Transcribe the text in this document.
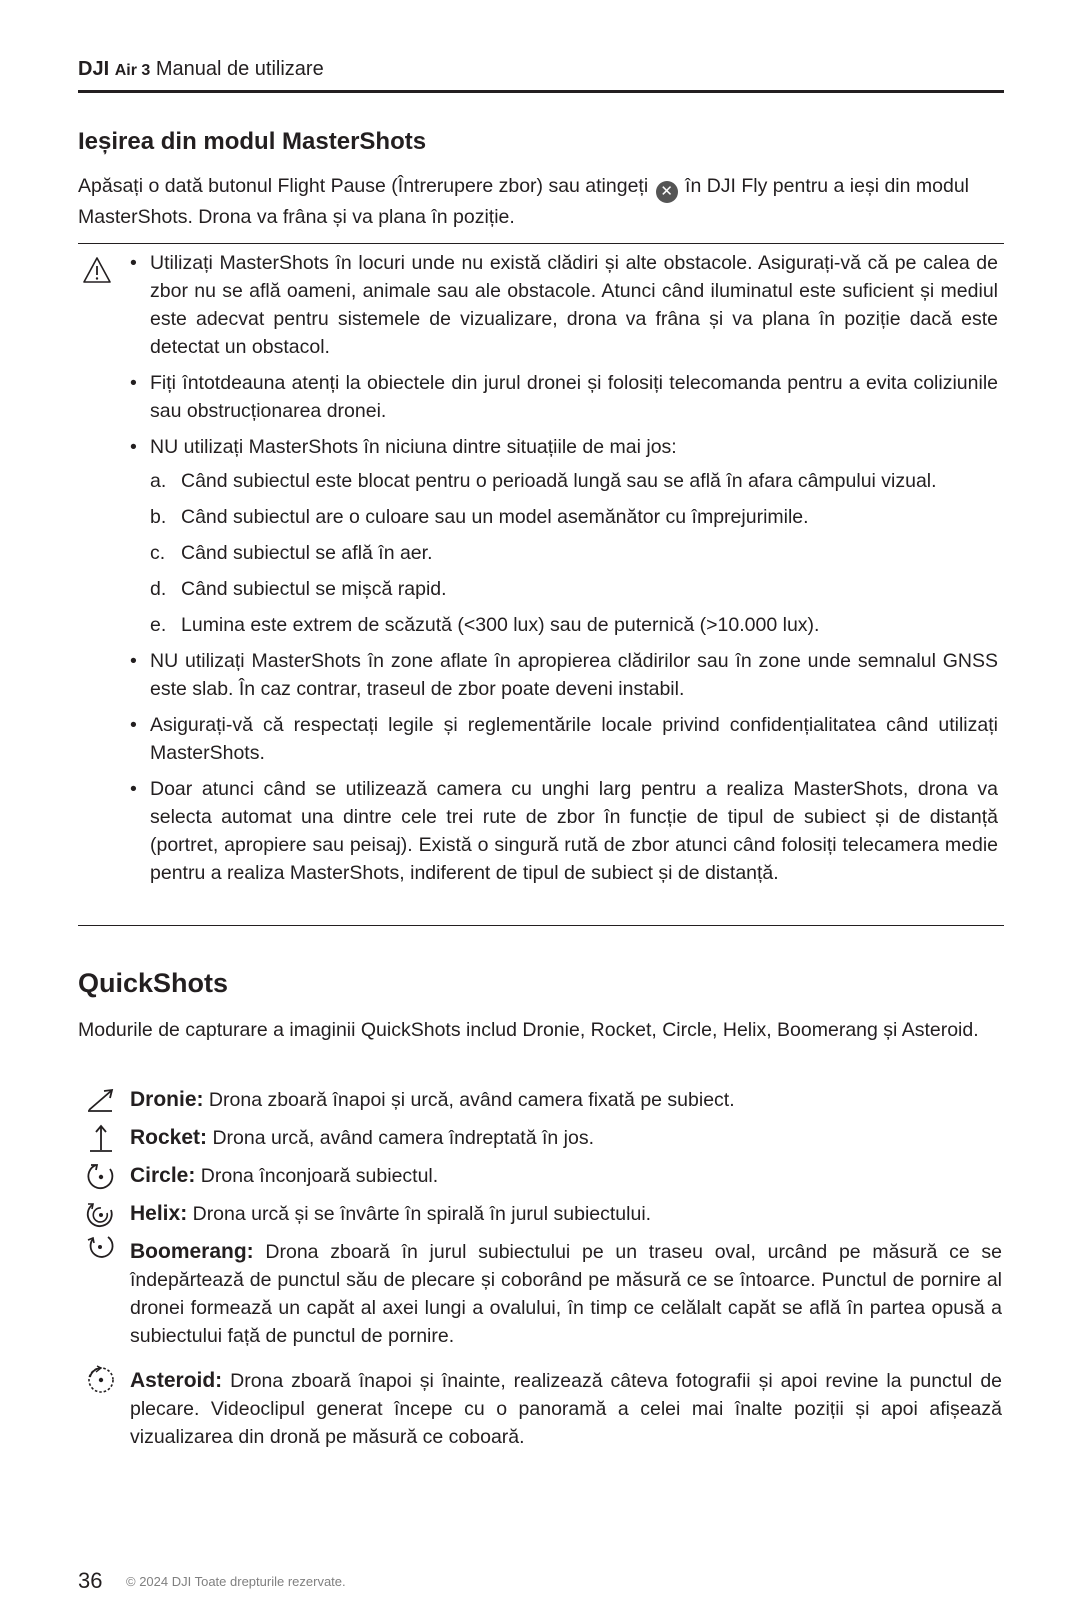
DJI Air 3 Manual de utilizare
Ieșirea din modul MasterShots

Apăsați o dată butonul Flight Pause (Întrerupere zbor) sau atingeți ✕ în DJI Fly pentru a ieși din modul MasterShots. Drona va frâna și va plana în poziție.

• Utilizați MasterShots în locuri unde nu există clădiri și alte obstacole. Asigurați-vă că pe calea de zbor nu se află oameni, animale sau ale obstacole. Atunci când iluminatul este suficient și mediul este adecvat pentru sistemele de vizualizare, drona va frâna și va plana în poziție dacă este detectat un obstacol.
• Fiți întotdeauna atenți la obiectele din jurul dronei și folosiți telecomanda pentru a evita coliziunile sau obstrucționarea dronei.
• NU utilizați MasterShots în niciuna dintre situațiile de mai jos:
a. Când subiectul este blocat pentru o perioadă lungă sau se află în afara câmpului vizual.
b. Când subiectul are o culoare sau un model asemănător cu împrejurimile.
c. Când subiectul se află în aer.
d. Când subiectul se mișcă rapid.
e. Lumina este extrem de scăzută (<300 lux) sau de puternică (>10.000 lux).
• NU utilizați MasterShots în zone aflate în apropierea clădirilor sau în zone unde semnalul GNSS este slab. În caz contrar, traseul de zbor poate deveni instabil.
• Asigurați-vă că respectați legile și reglementările locale privind confidențialitatea când utilizați MasterShots.
• Doar atunci când se utilizează camera cu unghi larg pentru a realiza MasterShots, drona va selecta automat una dintre cele trei rute de zbor în funcție de tipul de subiect și de distanță (portret, apropiere sau peisaj). Există o singură rută de zbor atunci când folosiți telecamera medie pentru a realiza MasterShots, indiferent de tipul de subiect și de distanță.
QuickShots

Modurile de capturare a imaginii QuickShots includ Dronie, Rocket, Circle, Helix, Boomerang și Asteroid.

Dronie: Drona zboară înapoi și urcă, având camera fixată pe subiect.
Rocket: Drona urcă, având camera îndreptată în jos.
Circle: Drona înconjoară subiectul.
Helix: Drona urcă și se învârte în spirală în jurul subiectului.
Boomerang: Drona zboară în jurul subiectului pe un traseu oval, urcând pe măsură ce se îndepărtează de punctul său de plecare și coborând pe măsură ce se întoarce. Punctul de pornire al dronei formează un capăt al axei lungi a ovalului, în timp ce celălalt capăt se află în partea opusă a subiectului față de punctul de pornire.
Asteroid: Drona zboară înapoi și înainte, realizează câteva fotografii și apoi revine la punctul de plecare. Videoclipul generat începe cu o panoramă a celei mai înalte poziții și apoi afișează vizualizarea din dronă pe măsură ce coboară.
36 © 2024 DJI Toate drepturile rezervate.
